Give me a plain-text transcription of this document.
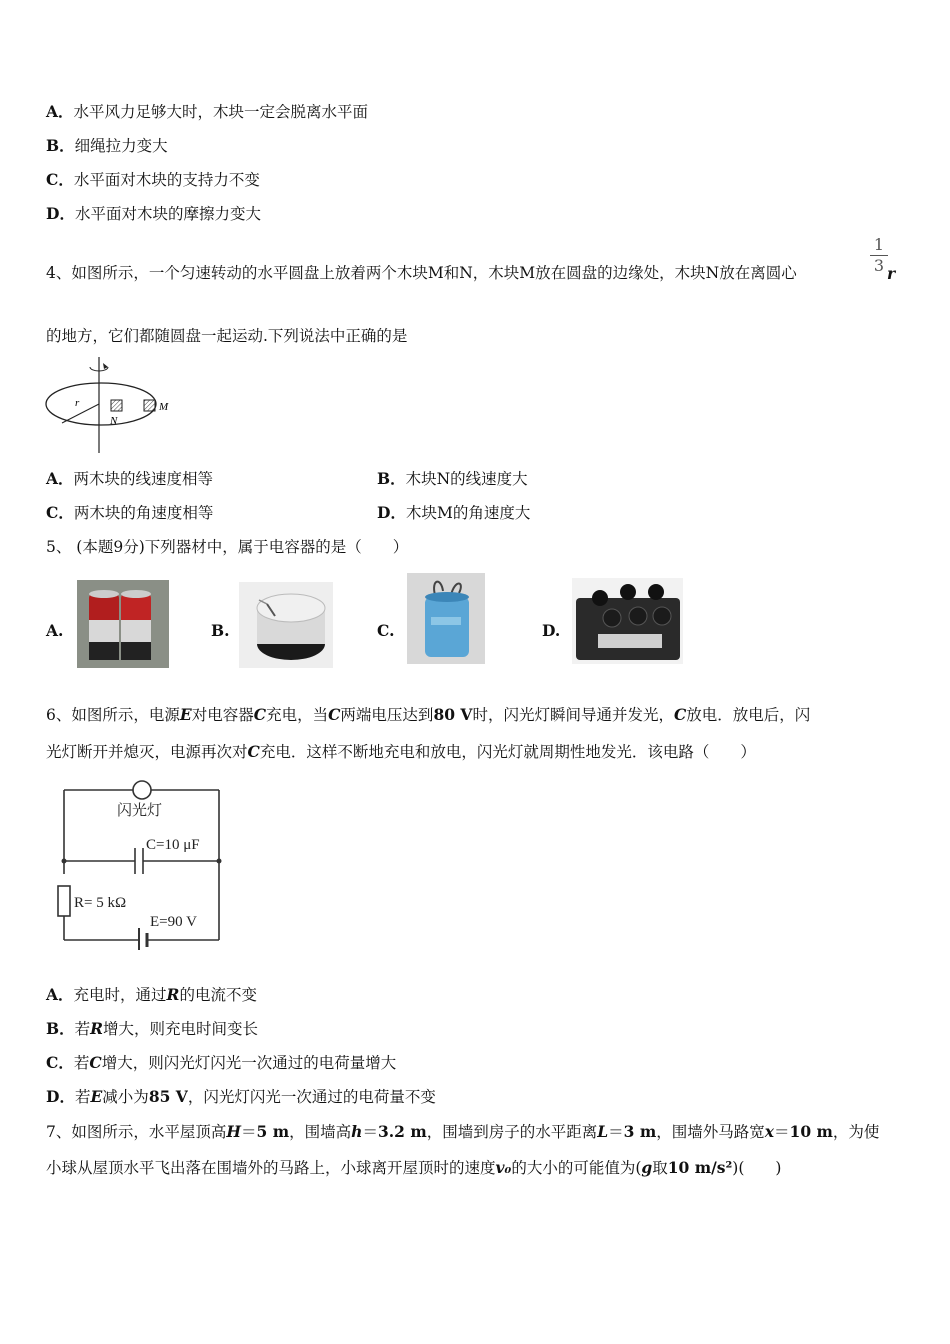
A．水平风力足够大时，木块一定会脱离水平面
B．细绳拉力变大
C．水平面对木块的支持力不变
D．水平面对木块的摩擦力变大
4、如图所示，一个匀速转动的水平圆盘上放着两个木块M和N，木块M放在圆盘的边缘处，木块N放在离圆心
1
3 r
的地方，它们都随圆盘一起运动.下列说法中正确的是
r
N
M
A．两木块的线速度相等	B．木块N的线速度大
C．两木块的角速度相等	D．木块M的角速度大
5、 (本题9分)下列器材中，属于电容器的是（　　）
A.	B.	C.	D.
6、如图所示，电源E对电容器C充电，当C两端电压达到80 V时，闪光灯瞬间导通并发光，C放电．放电后，闪
光灯断开并熄灭，电源再次对C充电．这样不断地充电和放电，闪光灯就周期性地发光．该电路（　　）
闪光灯
C=10 μF
R= 5 kΩ
E=90 V
A．充电时，通过R的电流不变
B．若R增大，则充电时间变长
C．若C增大，则闪光灯闪光一次通过的电荷量增大
D．若E减小为85 V，闪光灯闪光一次通过的电荷量不变
7、如图所示，水平屋顶高H＝5 m，围墙高h＝3.2 m，围墙到房子的水平距离L＝3 m，围墙外马路宽x＝10 m，为使
小球从屋顶水平飞出落在围墙外的马路上，小球离开屋顶时的速度v₀的大小的可能值为(g取10 m/s²)(　　)
